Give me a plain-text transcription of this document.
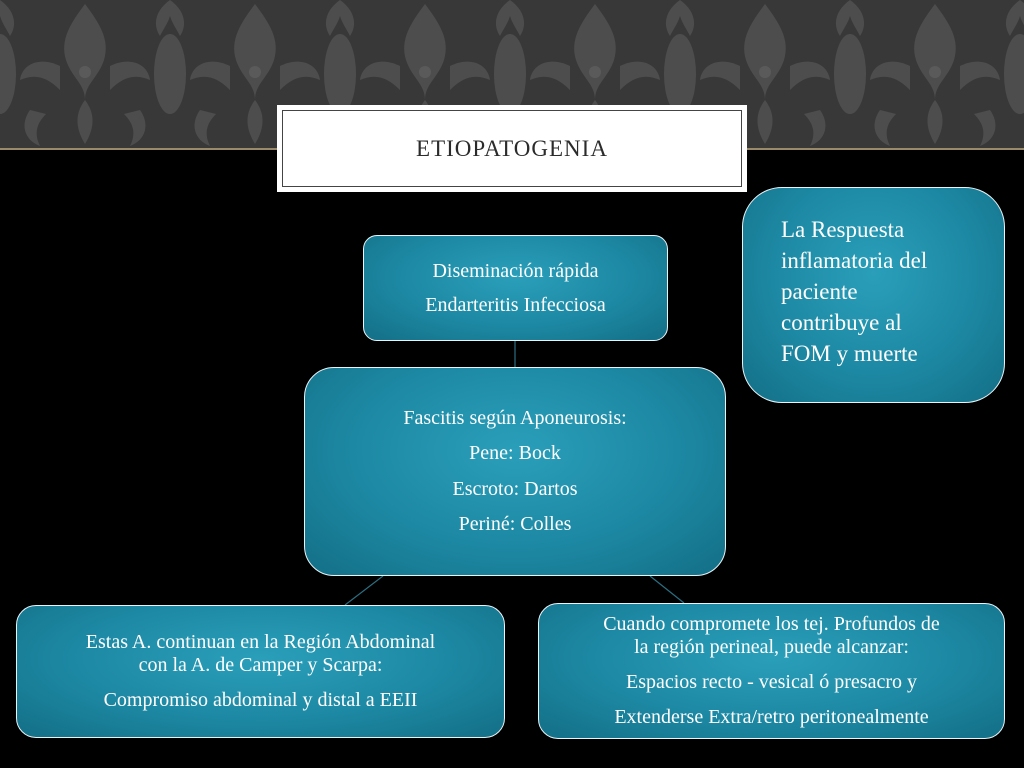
ETIOPATOGENIA

Diseminación rápida

Endarteritis Infecciosa

Fascitis según Aponeurosis:

Pene: Bock

Escroto: Dartos

Periné: Colles

Estas A. continuan en la Región Abdominal

con la A. de Camper y Scarpa:

Compromiso abdominal y distal a EEII

Cuando compromete los tej. Profundos de

la región perineal, puede alcanzar:

Espacios recto - vesical ó presacro y

Extenderse Extra/retro peritonealmente

La Respuesta

inflamatoria del

paciente

contribuye al

FOM y muerte
